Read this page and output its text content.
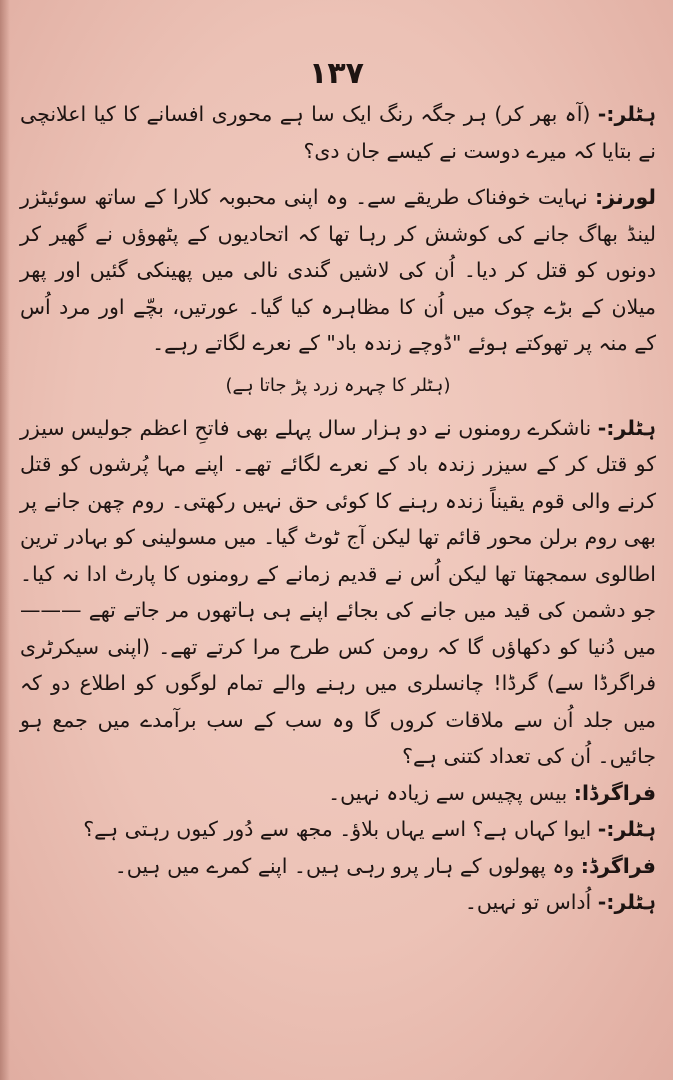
۱۳۷

ہٹلر:- (آہ بھر کر) ہر جگہ رنگ ایک سا ہے محوری افسانے کا کیا اعلانچی نے بتایا کہ میرے دوست نے کیسے جان دی؟

لورنز: نہایت خوفناک طریقے سے۔ وہ اپنی محبوبہ کلارا کے ساتھ سوئیٹزر لینڈ بھاگ جانے کی کوشش کر رہا تھا کہ اتحادیوں کے پٹھوؤں نے گھیر کر دونوں کو قتل کر دیا۔ اُن کی لاشیں گندی نالی میں پھینکی گئیں اور پھر میلان کے بڑے چوک میں اُن کا مظاہرہ کیا گیا۔ عورتیں، بچّے اور مرد اُس کے منہ پر تھوکتے ہوئے "ڈوچے زندہ باد" کے نعرے لگاتے رہے۔

(ہٹلر کا چہرہ زرد پڑ جاتا ہے)

ہٹلر:- ناشکرے رومنوں نے دو ہزار سال پہلے بھی فاتحِ اعظم جولیس سیزر کو قتل کر کے سیزر زندہ باد کے نعرے لگائے تھے۔ اپنے مہا پُرشوں کو قتل کرنے والی قوم یقیناً زندہ رہنے کا کوئی حق نہیں رکھتی۔ روم چھن جانے پر بھی روم برلن محور قائم تھا لیکن آج ٹوٹ گیا۔ میں مسولینی کو بہادر ترین اطالوی سمجھتا تھا لیکن اُس نے قدیم زمانے کے رومنوں کا پارٹ ادا نہ کیا۔ جو دشمن کی قید میں جانے کی بجائے اپنے ہی ہاتھوں مر جاتے تھے ——— میں دُنیا کو دکھاؤں گا کہ رومن کس طرح مرا کرتے تھے۔ (اپنی سیکرٹری فراگرڈا سے) گرڈا! چانسلری میں رہنے والے تمام لوگوں کو اطلاع دو کہ میں جلد اُن سے ملاقات کروں گا وہ سب کے سب برآمدے میں جمع ہو جائیں۔ اُن کی تعداد کتنی ہے؟

فراگرڈا: بیس پچیس سے زیادہ نہیں۔

ہٹلر:- ایوا کہاں ہے؟ اسے یہاں بلاؤ۔ مجھ سے دُور کیوں رہتی ہے؟

فراگرڈ: وہ پھولوں کے ہار پرو رہی ہیں۔ اپنے کمرے میں ہیں۔

ہٹلر:- اُداس تو نہیں۔
